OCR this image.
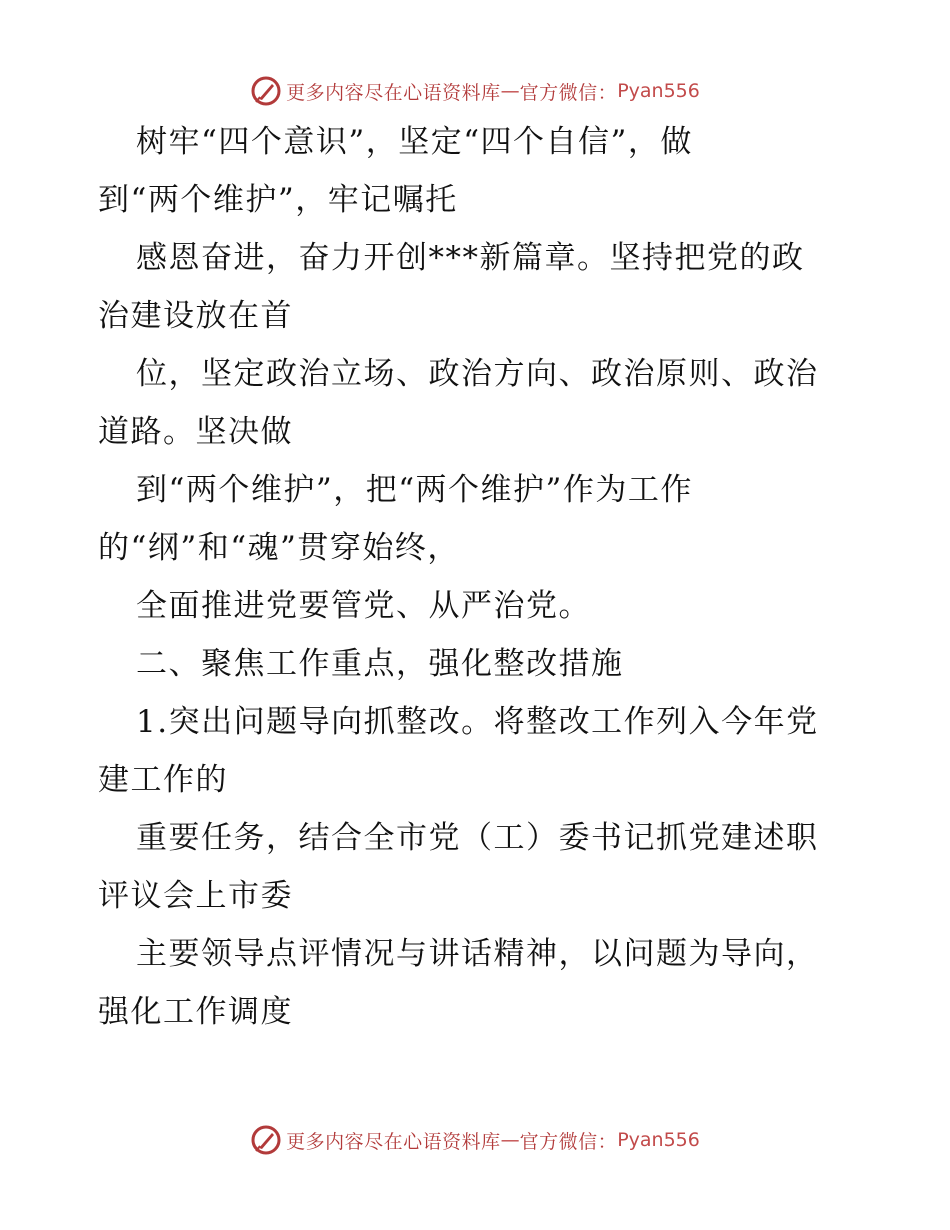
更多内容尽在心语资料库 — 官方微信： Pyan556
树牢“四个意识”，坚定“四个自信”，做
到“两个维护”，牢记嘱托
感恩奋进，奋力开创***新篇章。坚持把党的政
治建设放在首
位，坚定政治立场、政治方向、政治原则、政治
道路。坚决做
到“两个维护”，把“两个维护”作为工作
的“纲”和“魂”贯穿始终，
全面推进党要管党、从严治党。
二、聚焦工作重点，强化整改措施
1.突出问题导向抓整改。将整改工作列入今年党
建工作的
重要任务，结合全市党（工）委书记抓党建述职
评议会上市委
主要领导点评情况与讲话精神，以问题为导向，
强化工作调度
更多内容尽在心语资料库 — 官方微信： Pyan556
